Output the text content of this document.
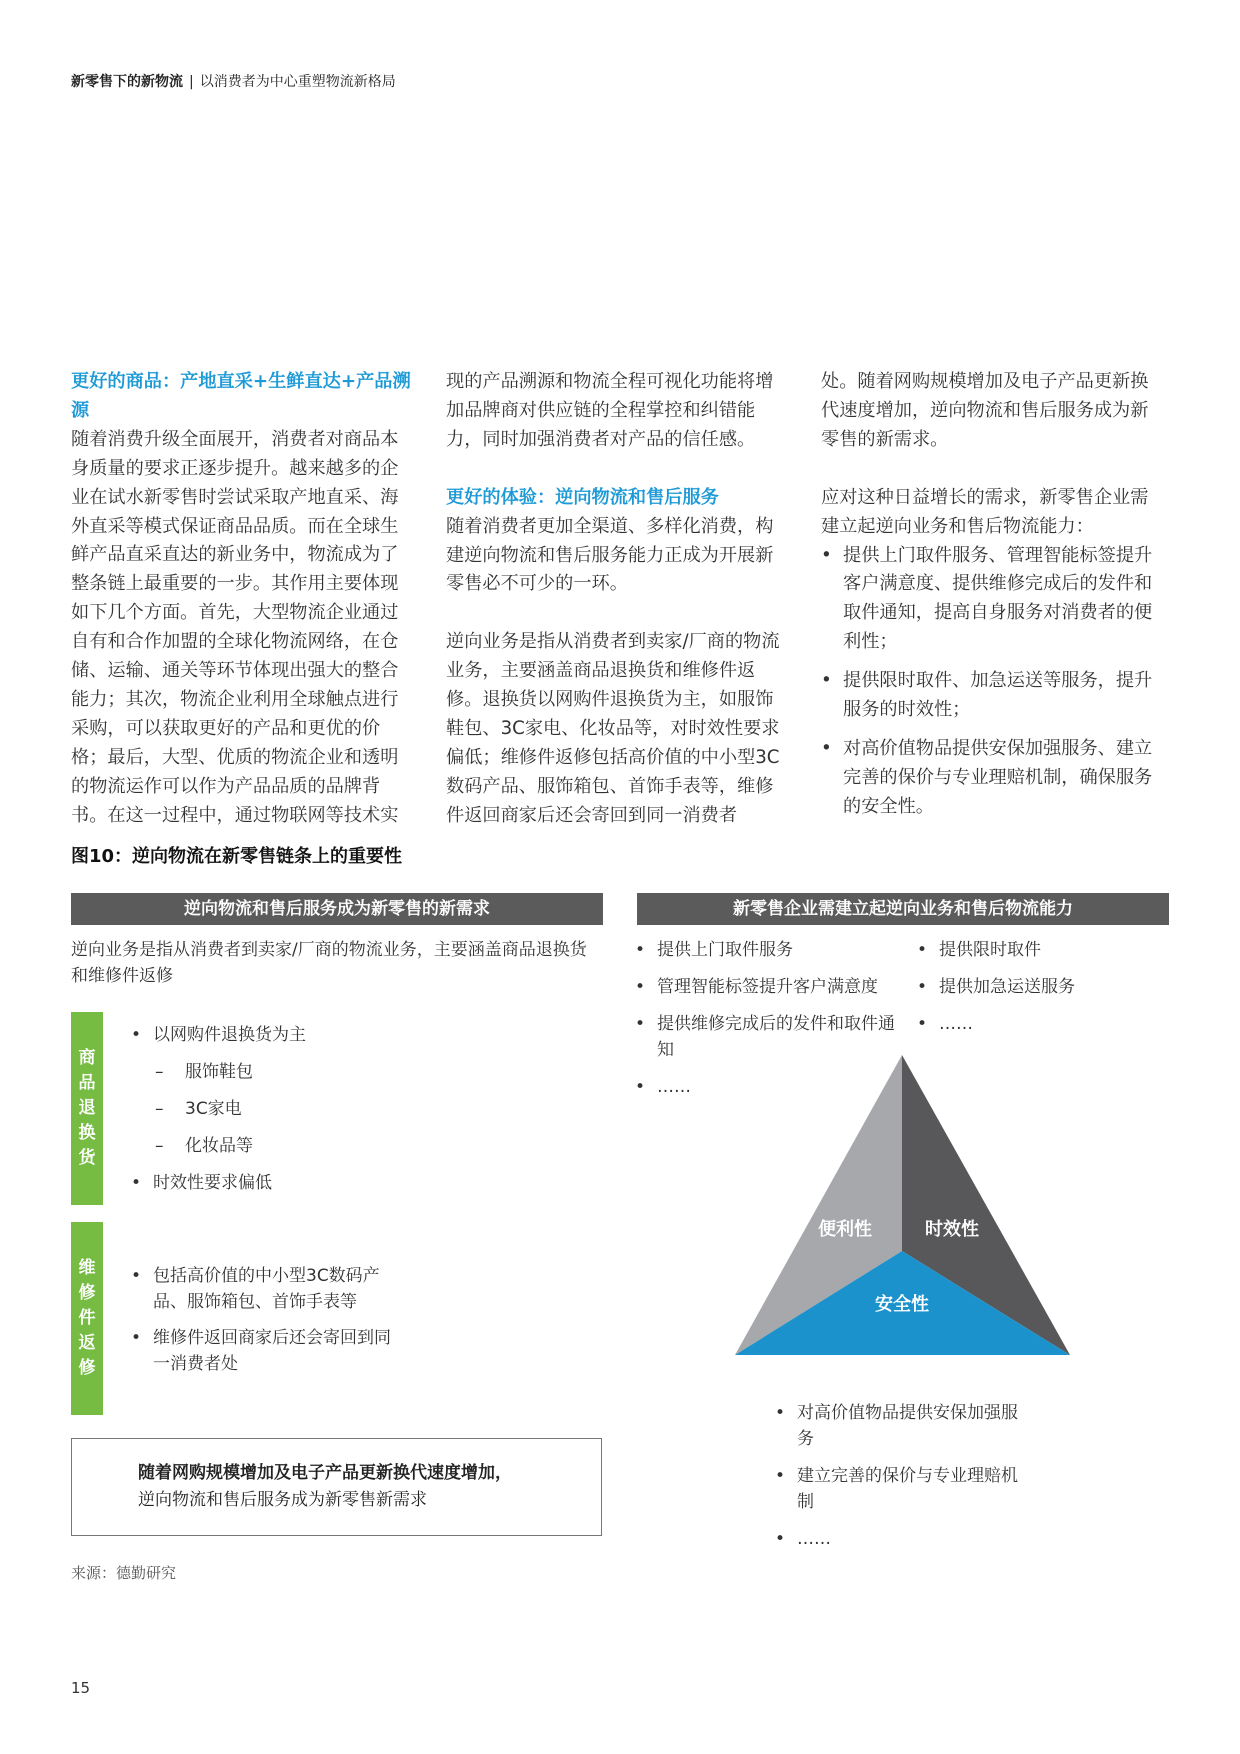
新零售下的新物流 | 以消费者为中心重塑物流新格局

更好的商品：产地直采+生鲜直达+产品溯源

随着消费升级全面展开，消费者对商品本身质量的要求正逐步提升。越来越多的企业在试水新零售时尝试采取产地直采、海外直采等模式保证商品品质。而在全球生鲜产品直采直达的新业务中，物流成为了整条链上最重要的一步。其作用主要体现如下几个方面。首先，大型物流企业通过自有和合作加盟的全球化物流网络，在仓储、运输、通关等环节体现出强大的整合能力；其次，物流企业利用全球触点进行采购，可以获取更好的产品和更优的价格；最后，大型、优质的物流企业和透明的物流运作可以作为产品品质的品牌背书。在这一过程中，通过物联网等技术实

现的产品溯源和物流全程可视化功能将增加品牌商对供应链的全程掌控和纠错能力，同时加强消费者对产品的信任感。

更好的体验：逆向物流和售后服务

随着消费者更加全渠道、多样化消费，构建逆向物流和售后服务能力正成为开展新零售必不可少的一环。

逆向业务是指从消费者到卖家/厂商的物流业务，主要涵盖商品退换货和维修件返修。退换货以网购件退换货为主，如服饰鞋包、3C家电、化妆品等，对时效性要求偏低；维修件返修包括高价值的中小型3C数码产品、服饰箱包、首饰手表等，维修件返回商家后还会寄回到同一消费者

处。随着网购规模增加及电子产品更新换代速度增加，逆向物流和售后服务成为新零售的新需求。

应对这种日益增长的需求，新零售企业需建立起逆向业务和售后物流能力：

• 提供上门取件服务、管理智能标签提升客户满意度、提供维修完成后的发件和取件通知，提高自身服务对消费者的便利性；
• 提供限时取件、加急运送等服务，提升服务的时效性；
• 对高价值物品提供安保加强服务、建立完善的保价与专业理赔机制，确保服务的安全性。
图10：逆向物流在新零售链条上的重要性
逆向物流和售后服务成为新零售的新需求	新零售企业需建立起逆向业务和售后物流能力
逆向业务是指从消费者到卖家/厂商的物流业务，主要涵盖商品退换货和维修件返修
商
品
退
换
货
• 以网购件退换货为主
– 服饰鞋包
– 3C家电
– 化妆品等
• 时效性要求偏低
维
修
件
返
修
• 包括高价值的中小型3C数码产品、服饰箱包、首饰手表等
• 维修件返回商家后还会寄回到同一消费者处
随着网购规模增加及电子产品更新换代速度增加，
逆向物流和售后服务成为新零售新需求
• 提供上门取件服务
• 管理智能标签提升客户满意度
• 提供维修完成后的发件和取件通知
• ……
• 提供限时取件
• 提供加急运送服务
• ……
便利性	时效性
安全性
• 对高价值物品提供安保加强服务
• 建立完善的保价与专业理赔机制
• ……
来源：德勤研究
15
